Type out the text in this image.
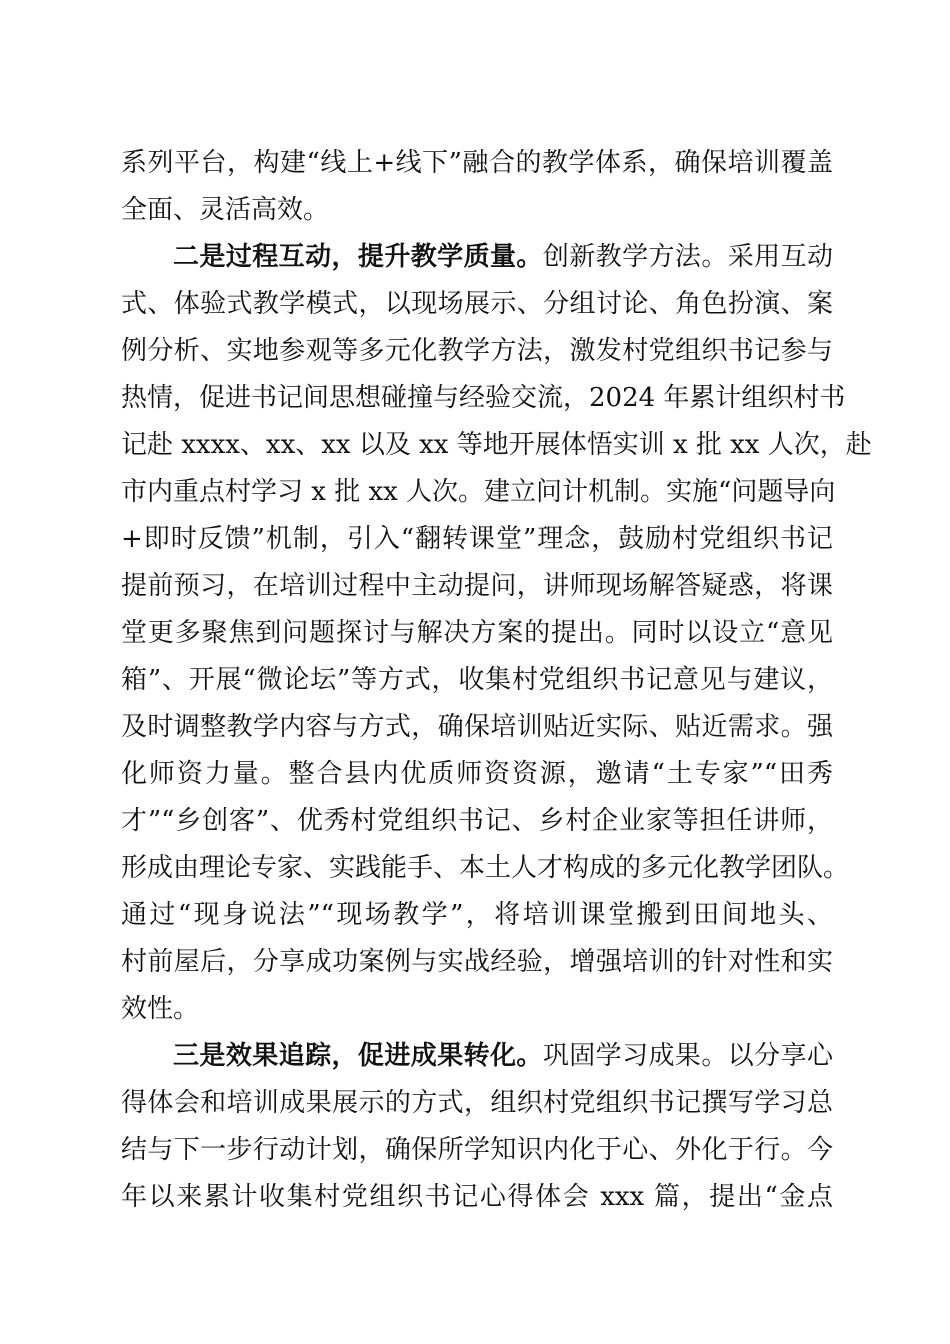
系列平台，构建“线上+线下”融合的教学体系，确保培训覆盖
全面、灵活高效。
二是过程互动，提升教学质量。创新教学方法。采用互动
式、体验式教学模式，以现场展示、分组讨论、角色扮演、案
例分析、实地参观等多元化教学方法，激发村党组织书记参与
热情，促进书记间思想碰撞与经验交流，2024 年累计组织村书
记赴 xxxx、xx、xx 以及 xx 等地开展体悟实训 x 批 xx 人次，赴
市内重点村学习 x 批 xx 人次。建立问计机制。实施“问题导向
+即时反馈”机制，引入“翻转课堂”理念，鼓励村党组织书记
提前预习，在培训过程中主动提问，讲师现场解答疑惑，将课
堂更多聚焦到问题探讨与解决方案的提出。同时以设立“意见
箱”、开展“微论坛”等方式，收集村党组织书记意见与建议，
及时调整教学内容与方式，确保培训贴近实际、贴近需求。强
化师资力量。整合县内优质师资资源，邀请“土专家”“田秀
才”“乡创客”、优秀村党组织书记、乡村企业家等担任讲师，
形成由理论专家、实践能手、本土人才构成的多元化教学团队。
通过“现身说法”“现场教学”，将培训课堂搬到田间地头、
村前屋后，分享成功案例与实战经验，增强培训的针对性和实
效性。
三是效果追踪，促进成果转化。巩固学习成果。以分享心
得体会和培训成果展示的方式，组织村党组织书记撰写学习总
结与下一步行动计划，确保所学知识内化于心、外化于行。今
年以来累计收集村党组织书记心得体会 xxx 篇，提出“金点
